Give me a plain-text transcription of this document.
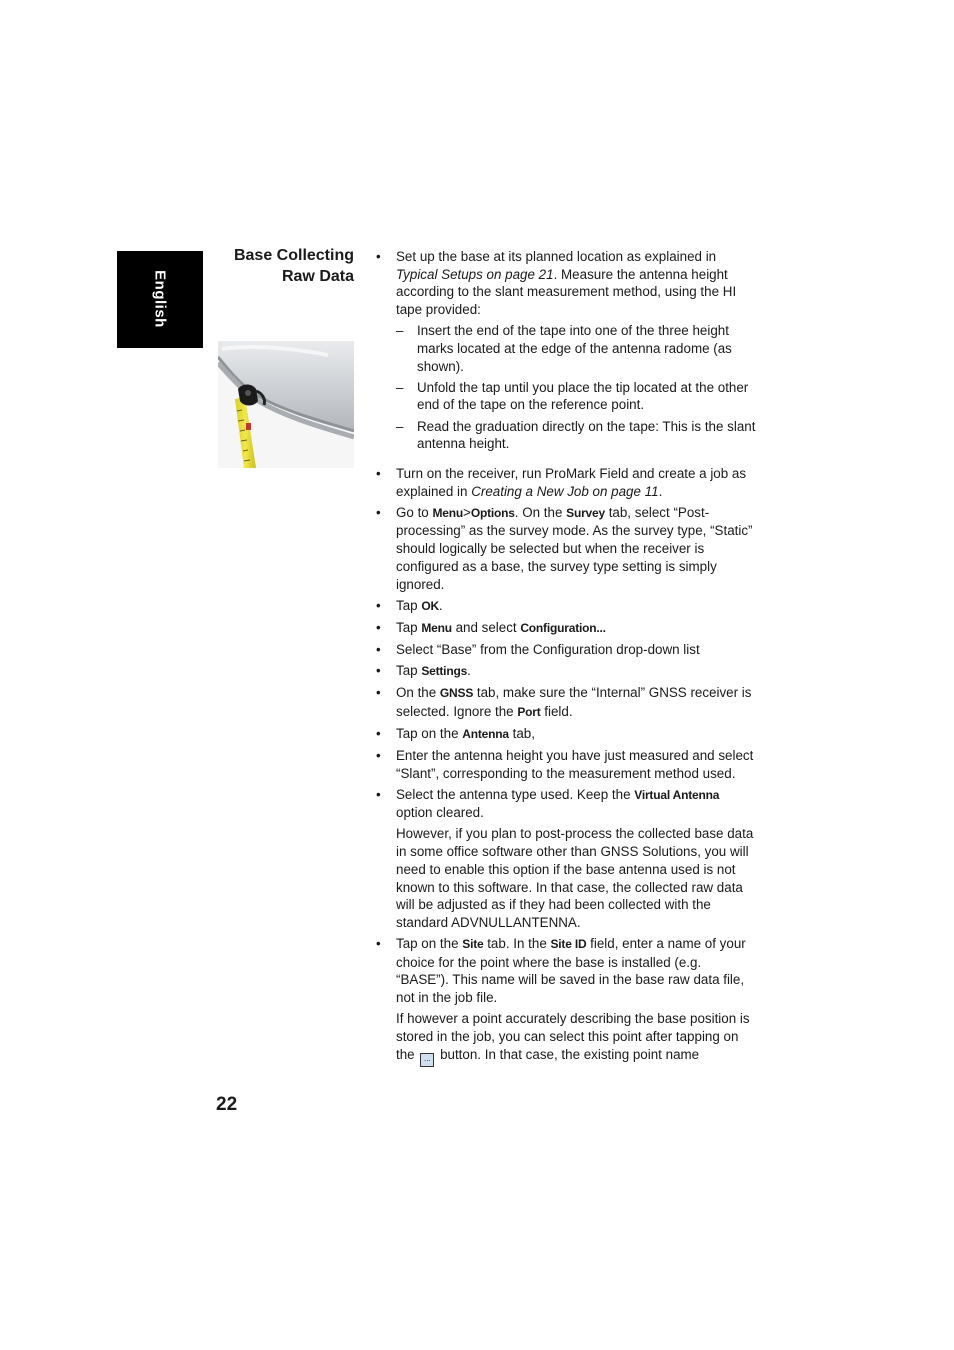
English
Base Collecting
Raw Data
• Set up the base at its planned location as explained in Typical Setups on page 21. Measure the antenna height according to the slant measurement method, using the HI tape provided:
– Insert the end of the tape into one of the three height marks located at the edge of the antenna radome (as shown).
– Unfold the tap until you place the tip located at the other end of the tape on the reference point.
– Read the graduation directly on the tape: This is the slant antenna height.
• Turn on the receiver, run ProMark Field and create a job as explained in Creating a New Job on page 11.
• Go to Menu>Options. On the Survey tab, select “Post-processing” as the survey mode. As the survey type, “Static” should logically be selected but when the receiver is configured as a base, the survey type setting is simply ignored.
• Tap OK.
• Tap Menu and select Configuration...
• Select “Base” from the Configuration drop-down list
• Tap Settings.
• On the GNSS tab, make sure the “Internal” GNSS receiver is selected. Ignore the Port field.
• Tap on the Antenna tab,
• Enter the antenna height you have just measured and select “Slant”, corresponding to the measurement method used.
• Select the antenna type used. Keep the Virtual Antenna option cleared.
However, if you plan to post-process the collected base data in some office software other than GNSS Solutions, you will need to enable this option if the base antenna used is not known to this software. In that case, the collected raw data will be adjusted as if they had been collected with the standard ADVNULLANTENNA.
• Tap on the Site tab. In the Site ID field, enter a name of your choice for the point where the base is installed (e.g. “BASE”). This name will be saved in the base raw data file, not in the job file.
If however a point accurately describing the base position is stored in the job, you can select this point after tapping on the ... button. In that case, the existing point name
22
